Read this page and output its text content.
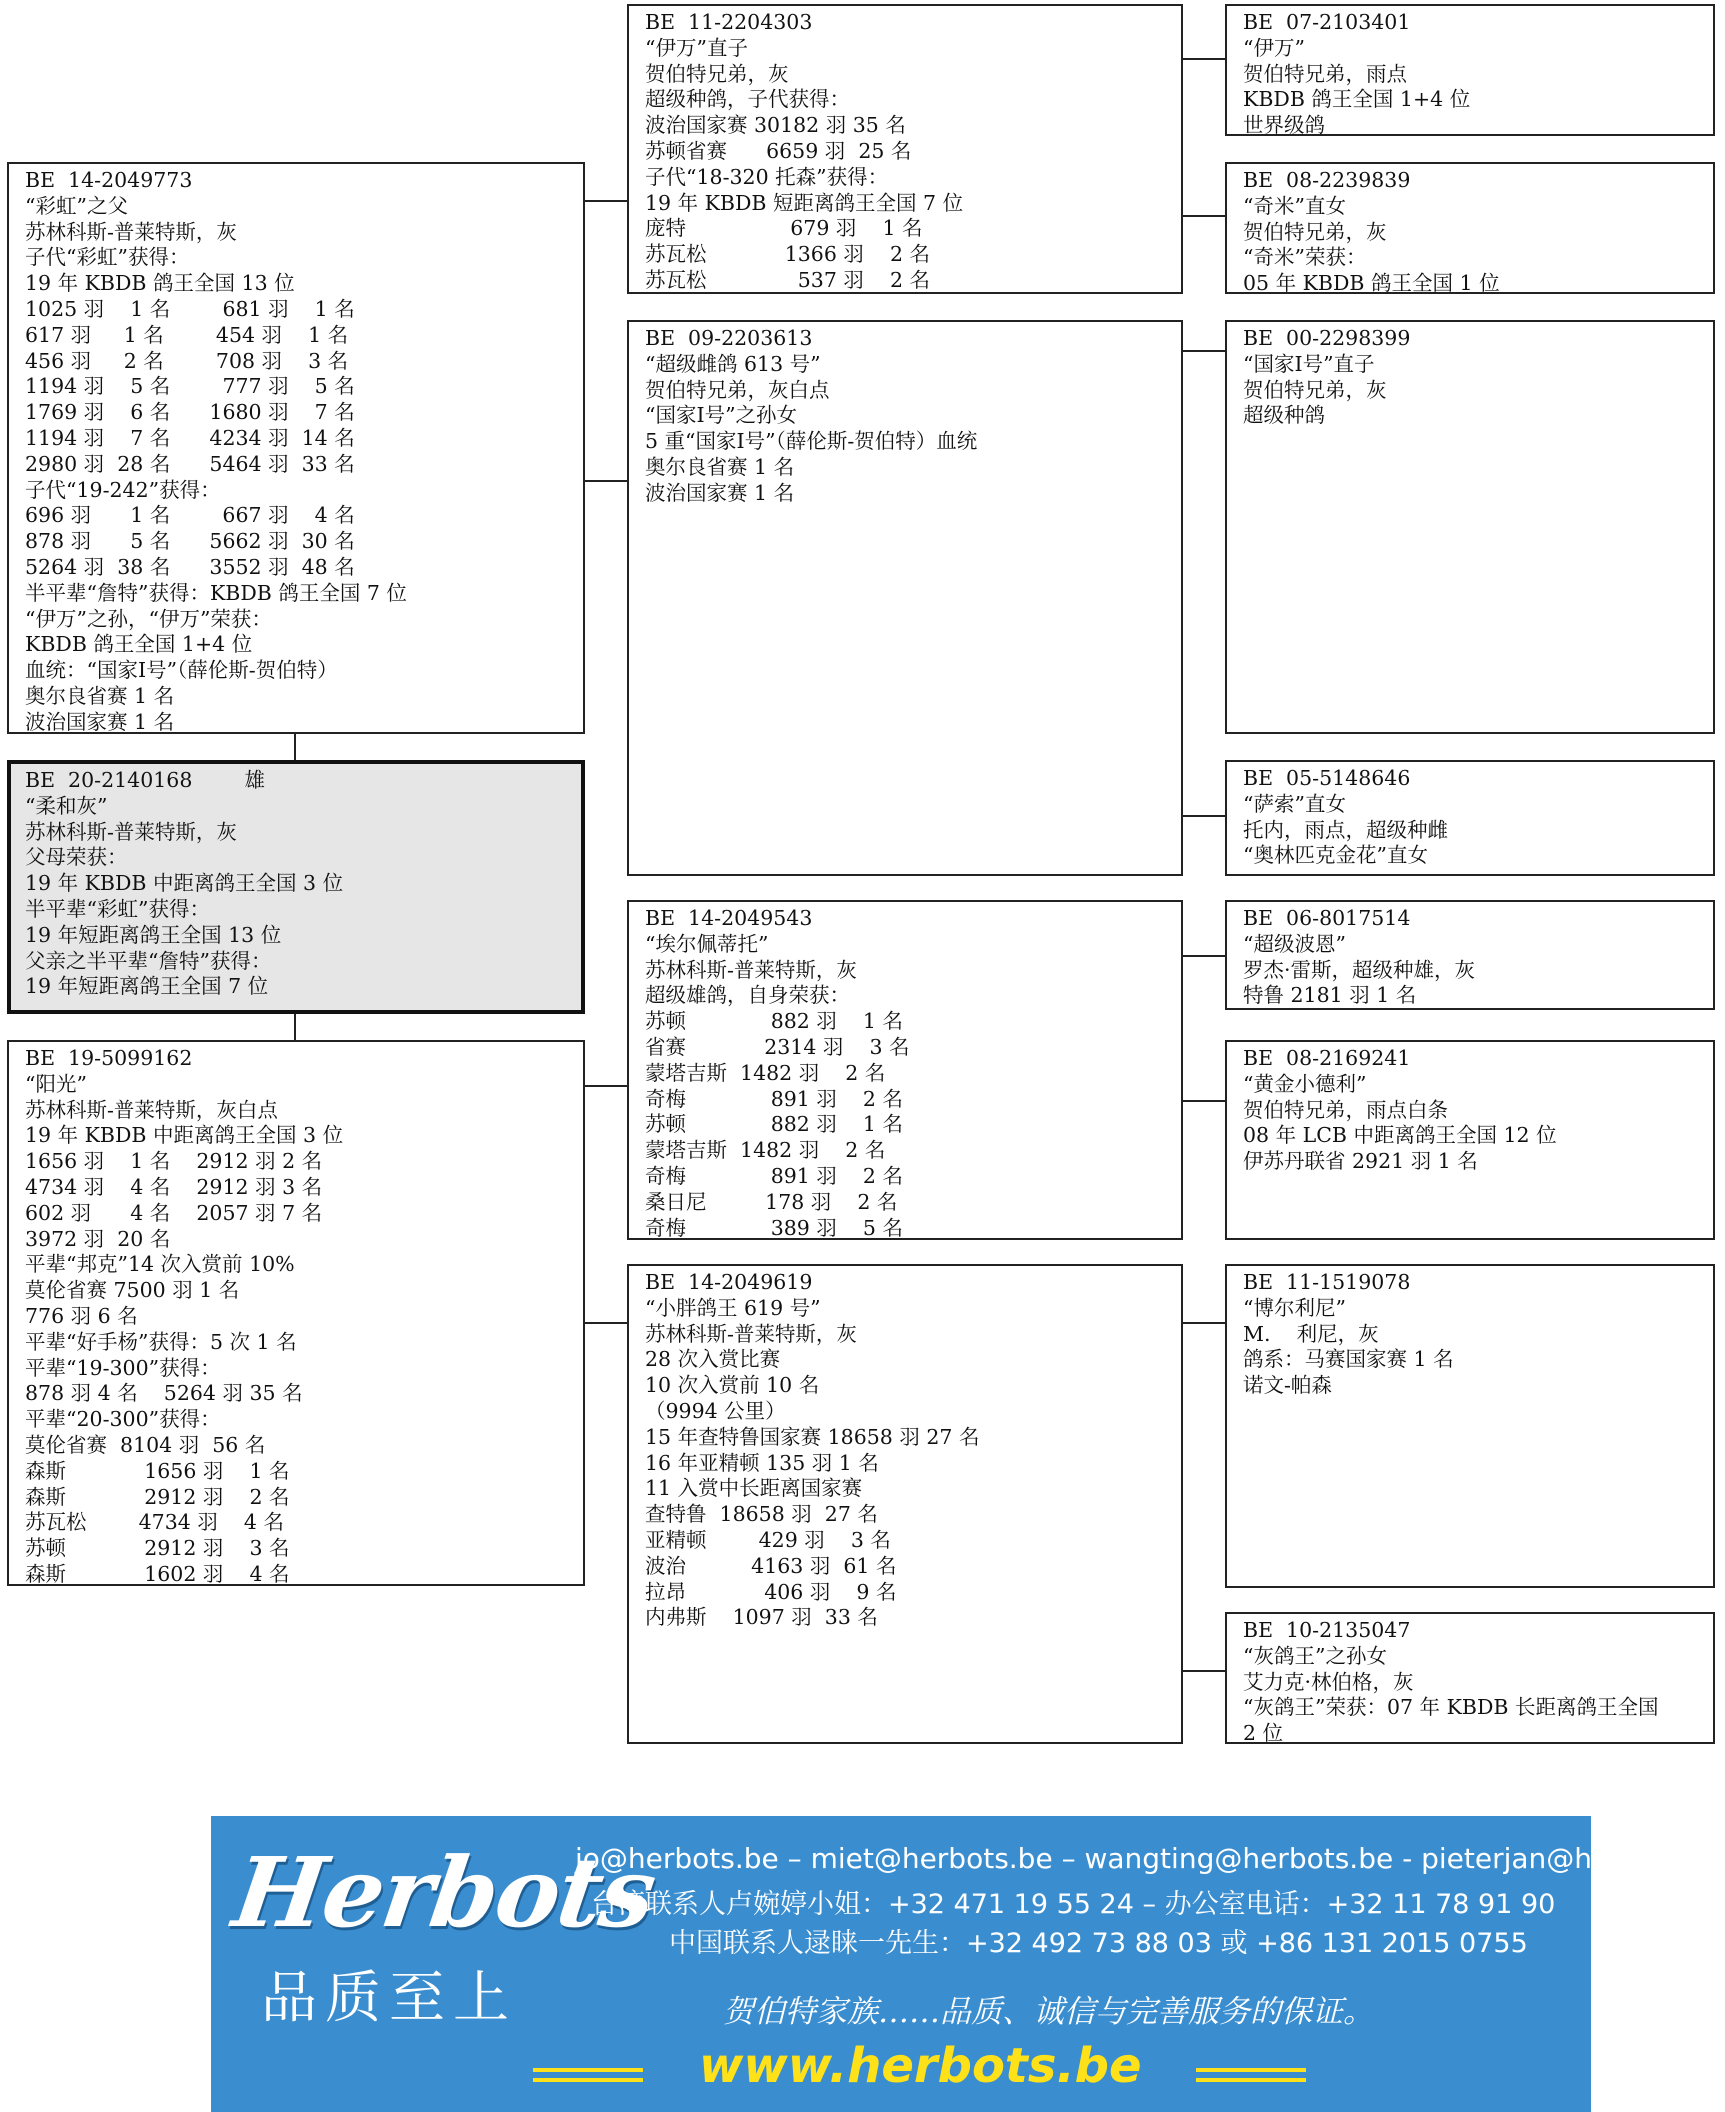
BE  11-2204303
“伊万”直子
贺伯特兄弟，灰
超级种鸽，子代获得：
波治国家赛 30182 羽 35 名
苏顿省赛      6659 羽  25 名
子代“18-320 托森”获得：
19 年 KBDB 短距离鸽王全国 7 位
庞特                679 羽    1 名
苏瓦松            1366 羽    2 名
苏瓦松              537 羽    2 名
BE  07-2103401
“伊万”
贺伯特兄弟，雨点
KBDB 鸽王全国 1+4 位
世界级鸽
BE  08-2239839
“奇米”直女
贺伯特兄弟，灰
“奇米”荣获：
05 年 KBDB 鸽王全国 1 位
BE  14-2049773
“彩虹”之父
苏林科斯-普莱特斯，灰
子代“彩虹”获得：
19 年 KBDB 鸽王全国 13 位
1025 羽    1 名        681 羽    1 名
617 羽     1 名        454 羽    1 名
456 羽     2 名        708 羽    3 名
1194 羽    5 名        777 羽    5 名
1769 羽    6 名      1680 羽    7 名
1194 羽    7 名      4234 羽  14 名
2980 羽  28 名      5464 羽  33 名
子代“19-242”获得：
696 羽      1 名        667 羽    4 名
878 羽      5 名      5662 羽  30 名
5264 羽  38 名      3552 羽  48 名
半平辈“詹特”获得：KBDB 鸽王全国 7 位
“伊万”之孙，“伊万”荣获：
KBDB 鸽王全国 1+4 位
血统：“国家Ⅰ号”（薛伦斯-贺伯特）
奥尔良省赛 1 名
波治国家赛 1 名
BE  09-2203613
“超级雌鸽 613 号”
贺伯特兄弟，灰白点
“国家Ⅰ号”之孙女
5 重“国家Ⅰ号”（薛伦斯-贺伯特）血统
奥尔良省赛 1 名
波治国家赛 1 名
BE  00-2298399
“国家Ⅰ号”直子
贺伯特兄弟，灰
超级种鸽
BE  05-5148646
“萨索”直女
托内，雨点，超级种雌
“奥林匹克金花”直女
BE  20-2140168        雄
“柔和灰”
苏林科斯-普莱特斯，灰
父母荣获：
19 年 KBDB 中距离鸽王全国 3 位
半平辈“彩虹”获得：
19 年短距离鸽王全国 13 位
父亲之半平辈“詹特”获得：
19 年短距离鸽王全国 7 位
BE  14-2049543
“埃尔佩蒂托”
苏林科斯-普莱特斯，灰
超级雄鸽，自身荣获：
苏顿             882 羽    1 名
省赛            2314 羽    3 名
蒙塔吉斯  1482 羽    2 名
奇梅             891 羽    2 名
苏顿             882 羽    1 名
蒙塔吉斯  1482 羽    2 名
奇梅             891 羽    2 名
桑日尼         178 羽    2 名
奇梅             389 羽    5 名
BE  06-8017514
“超级波恩”
罗杰·雷斯，超级种雄，灰
特鲁 2181 羽 1 名
BE  08-2169241
“黄金小德利”
贺伯特兄弟，雨点白条
08 年 LCB 中距离鸽王全国 12 位
伊苏丹联省 2921 羽 1 名
BE  19-5099162
“阳光”
苏林科斯-普莱特斯，灰白点
19 年 KBDB 中距离鸽王全国 3 位
1656 羽    1 名    2912 羽 2 名
4734 羽    4 名    2912 羽 3 名
602 羽      4 名    2057 羽 7 名
3972 羽  20 名
平辈“邦克”14 次入赏前 10%
莫伦省赛 7500 羽 1 名
776 羽 6 名
平辈“好手杨”获得：5 次 1 名
平辈“19-300”获得：
878 羽 4 名    5264 羽 35 名
平辈“20-300”获得：
莫伦省赛  8104 羽  56 名
森斯            1656 羽    1 名
森斯            2912 羽    2 名
苏瓦松        4734 羽    4 名
苏顿            2912 羽    3 名
森斯            1602 羽    4 名
BE  14-2049619
“小胖鸽王 619 号”
苏林科斯-普莱特斯，灰
28 次入赏比赛
10 次入赏前 10 名
（9994 公里）
15 年查特鲁国家赛 18658 羽 27 名
16 年亚精顿 135 羽 1 名
11 入赏中长距离国家赛
查特鲁  18658 羽  27 名
亚精顿        429 羽    3 名
波治          4163 羽  61 名
拉昂            406 羽    9 名
内弗斯    1097 羽  33 名
BE  11-1519078
“博尔利尼”
M.    利尼，灰
鸽系：马赛国家赛 1 名
诺文-帕森
BE  10-2135047
“灰鸽王”之孙女
艾力克·林伯格，灰
“灰鸽王”荣获：07 年 KBDB 长距离鸽王全国
2 位
Herbots
品质至上
jo@herbots.be – miet@herbots.be – wangting@herbots.be - pieterjan@herbots.be
台湾联系人卢婉婷小姐：+32 471 19 55 24 – 办公室电话：+32 11 78 91 90
中国联系人逯睐一先生：+32 492 73 88 03 或 +86 131 2015 0755
贺伯特家族……品质、诚信与完善服务的保证。
www.herbots.be
